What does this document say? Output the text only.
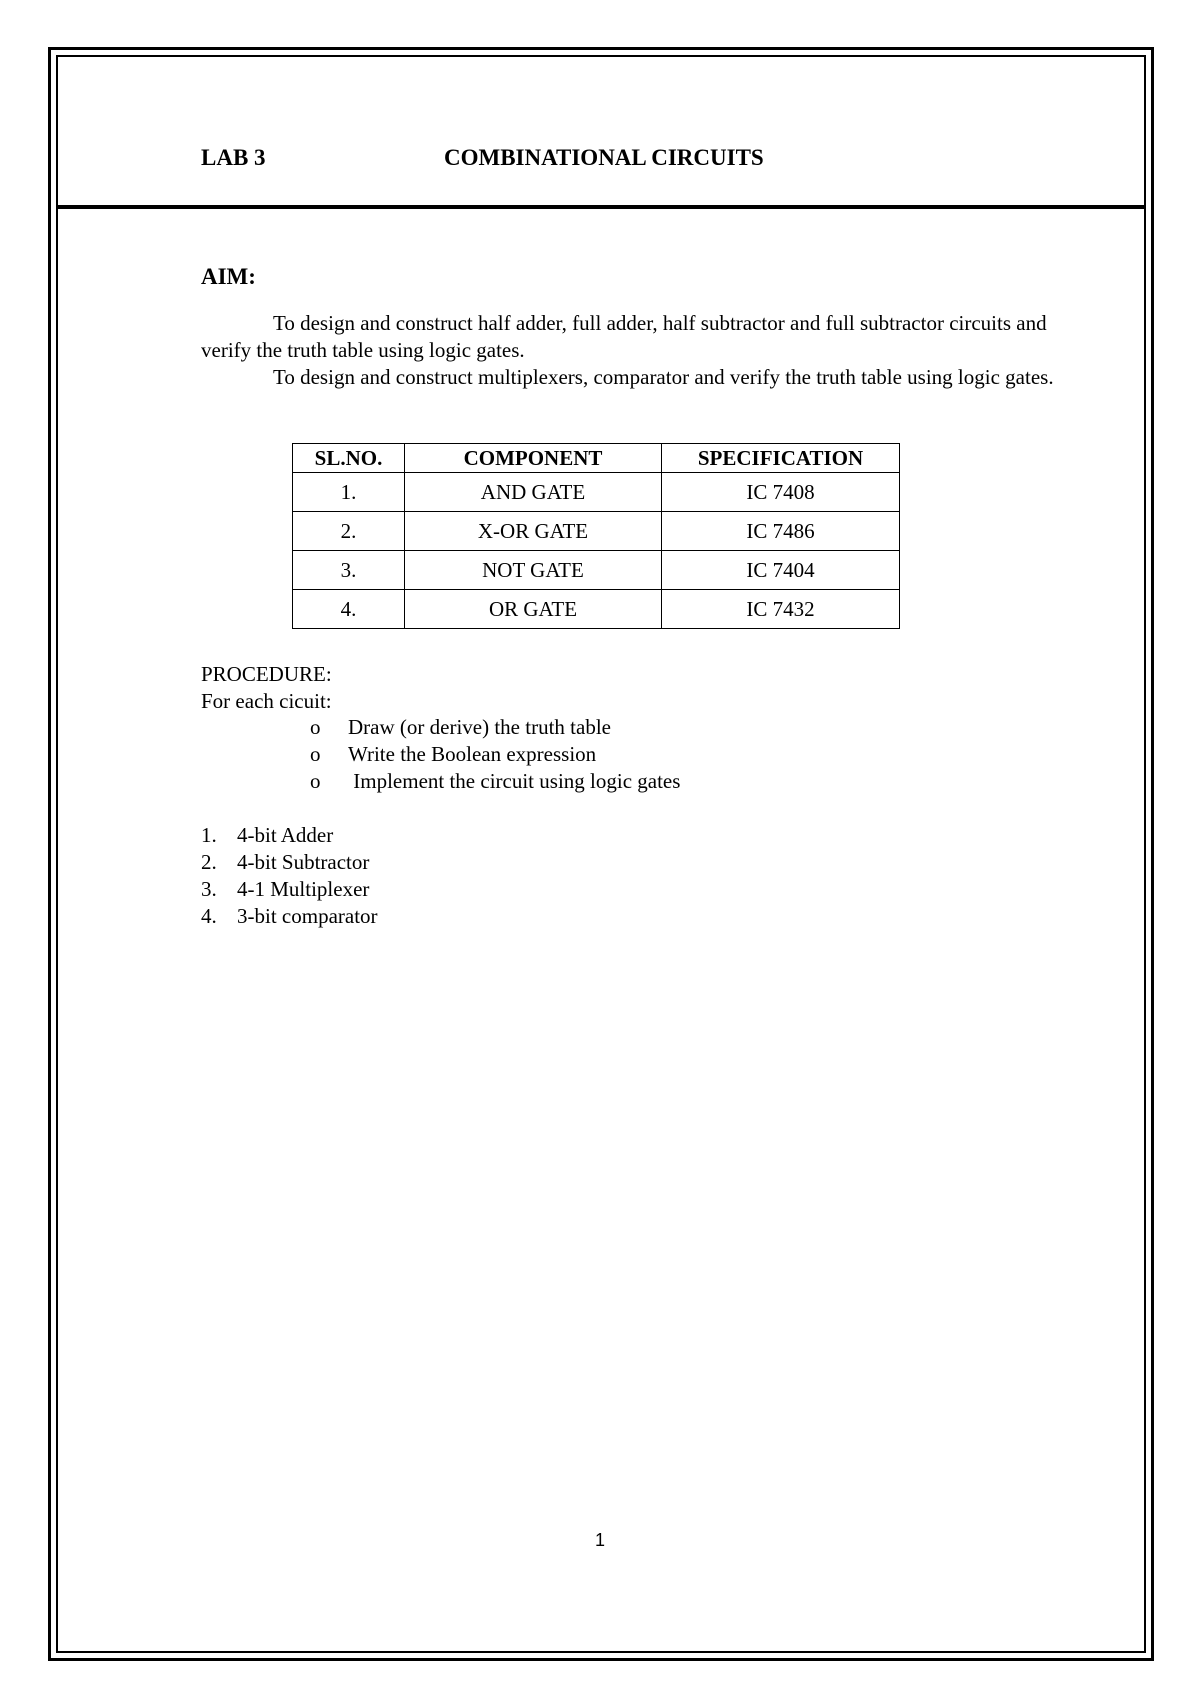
LAB 3	COMBINATIONAL CIRCUITS
AIM:
To design and construct half adder, full adder, half subtractor and full subtractor circuits and verify the truth table using logic gates.
To design and construct multiplexers, comparator and verify the truth table using logic gates.
SL.NO.	COMPONENT	SPECIFICATION
1.	AND GATE	IC 7408
2.	X-OR GATE	IC 7486
3.	NOT GATE	IC 7404
4.	OR GATE	IC 7432
PROCEDURE:
For each cicuit:
o Draw (or derive) the truth table
o Write the Boolean expression
o Implement the circuit using logic gates
1. 4-bit Adder
2. 4-bit Subtractor
3. 4-1 Multiplexer
4. 3-bit comparator
1
